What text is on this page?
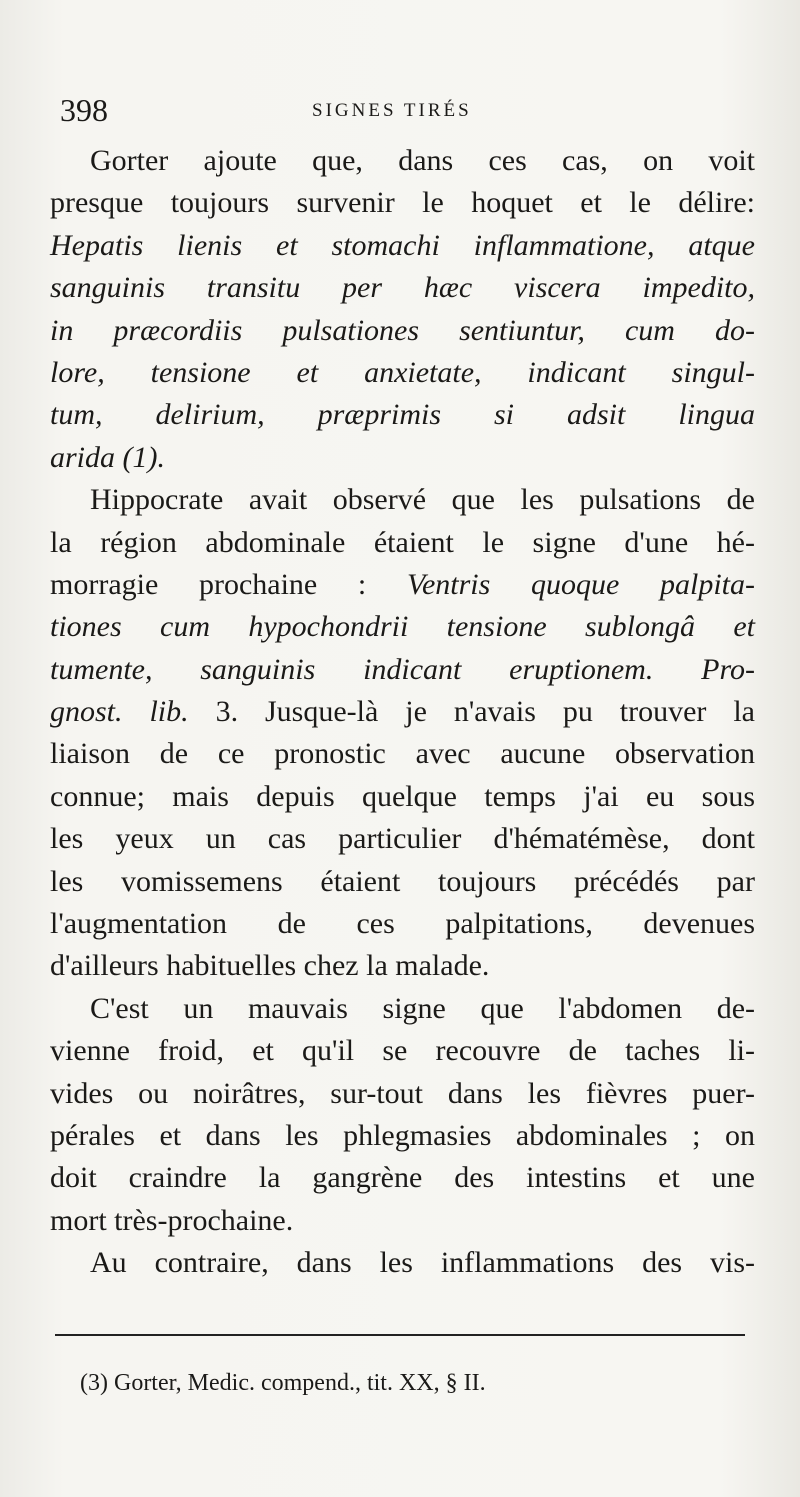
398	SIGNES TIRÉS
Gorter ajoute que, dans ces cas, on voit
presque toujours survenir le hoquet et le délire:
Hepatis lienis et stomachi inflammatione, atque
sanguinis transitu per hæc viscera impedito,
in præcordiis pulsationes sentiuntur, cum do-
lore, tensione et anxietate, indicant singul-
tum, delirium, præprimis si adsit lingua
arida (1).
Hippocrate avait observé que les pulsations de
la région abdominale étaient le signe d'une hé-
morragie prochaine : Ventris quoque palpita-
tiones cum hypochondrii tensione sublongâ et
tumente, sanguinis indicant eruptionem. Pro-
gnost. lib. 3. Jusque-là je n'avais pu trouver la
liaison de ce pronostic avec aucune observation
connue; mais depuis quelque temps j'ai eu sous
les yeux un cas particulier d'hématémèse, dont
les vomissemens étaient toujours précédés par
l'augmentation de ces palpitations, devenues
d'ailleurs habituelles chez la malade.
C'est un mauvais signe que l'abdomen de-
vienne froid, et qu'il se recouvre de taches li-
vides ou noirâtres, sur-tout dans les fièvres puer-
pérales et dans les phlegmasies abdominales ; on
doit craindre la gangrène des intestins et une
mort très-prochaine.
Au contraire, dans les inflammations des vis-
(3) Gorter, Medic. compend., tit. XX, § II.
